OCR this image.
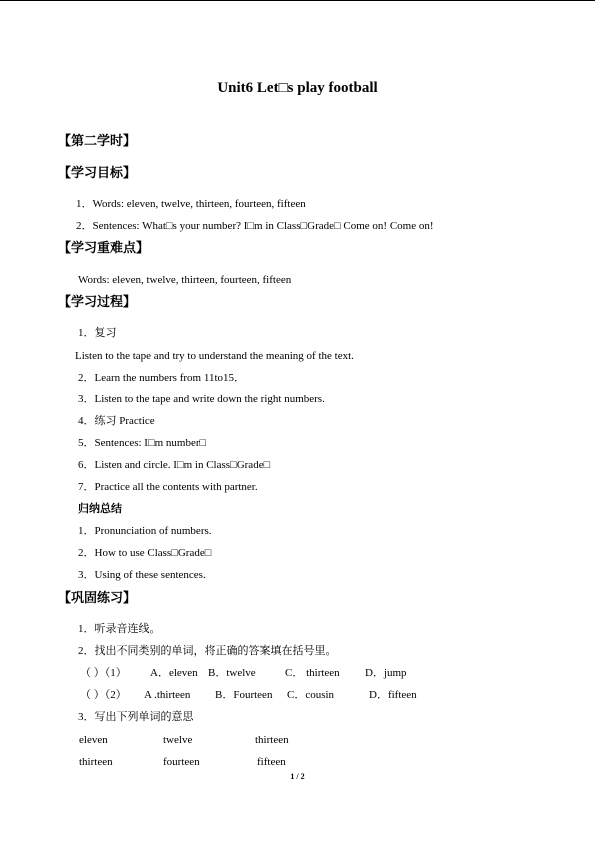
Unit6 Let□s play football
【第二学时】
【学习目标】
1．Words: eleven, twelve, thirteen, fourteen, fifteen
2．Sentences: What□s your number? I□m in Class□Grade□ Come on! Come on!
【学习重难点】
Words: eleven, twelve, thirteen, fourteen, fifteen
【学习过程】
1．复习
Listen to the tape and try to understand the meaning of the text.
2．Learn the numbers from 11to15．
3．Listen to the tape and write down the right numbers.
4．练习 Practice
5．Sentences: I□m number□
6．Listen and circle. I□m in Class□Grade□
7．Practice all the contents with partner.
归纳总结
1．Pronunciation of numbers.
2．How to use Class□Grade□
3．Using of these sentences.
【巩固练习】
1．听录音连线。
2．找出不同类别的单词，将正确的答案填在括号里。
（ ）（1） A．eleven B．twelve	C． thirteen D．jump
（ ）（2） A .thirteen B．Fourteen C．cousin	D．fifteen
3．写出下列单词的意思
eleven	twelve	thirteen
thirteen	fourteen	fifteen
1 / 2
